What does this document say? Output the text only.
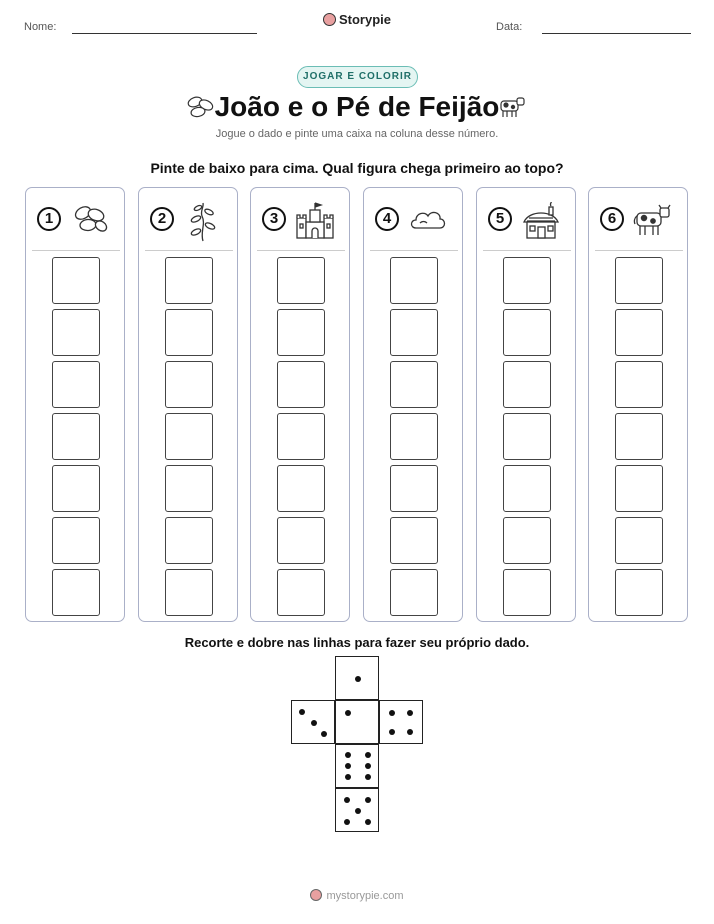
Nome:	Storypie	Data:
JOGAR E COLORIR
João e o Pé de Feijão
Jogue o dado e pinte uma caixa na coluna desse número.
Pinte de baixo para cima. Qual figura chega primeiro ao topo?
1	2	3	4	5	6
Recorte e dobre nas linhas para fazer seu próprio dado.
mystorypie.com
